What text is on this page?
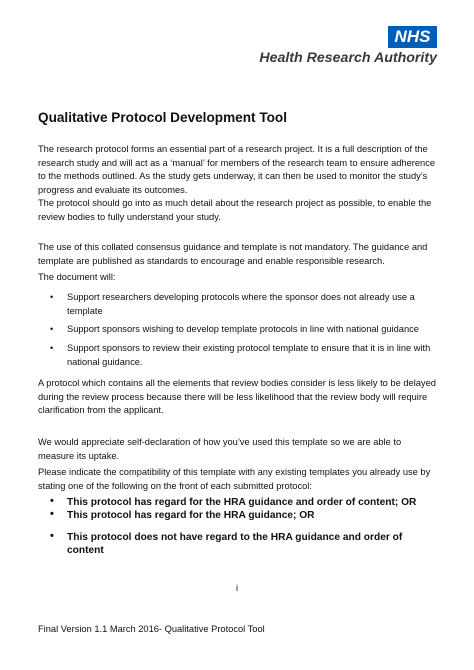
NHS
Health Research Authority
Qualitative Protocol Development Tool

The research protocol forms an essential part of a research project. It is a full description of the research study and will act as a ‘manual’ for members of the research team to ensure adherence to the methods outlined. As the study gets underway, it can then be used to monitor the study’s progress and evaluate its outcomes.

The protocol should go into as much detail about the research project as possible, to enable the review bodies to fully understand your study.

The use of this collated consensus guidance and template is not mandatory. The guidance and template are published as standards to encourage and enable responsible research.

The document will:

• Support researchers developing protocols where the sponsor does not already use a template
• Support sponsors wishing to develop template protocols in line with national guidance
• Support sponsors to review their existing protocol template to ensure that it is in line with national guidance.

A protocol which contains all the elements that review bodies consider is less likely to be delayed during the review process because there will be less likelihood that the review body will require clarification from the applicant.

We would appreciate self-declaration of how you’ve used this template so we are able to measure its uptake.

Please indicate the compatibility of this template with any existing templates you already use by stating one of the following on the front of each submitted protocol:

• This protocol has regard for the HRA guidance and order of content; OR
• This protocol has regard for the HRA guidance; OR
• This protocol does not have regard to the HRA guidance and order of content
i
Final Version 1.1 March 2016- Qualitative Protocol Tool
